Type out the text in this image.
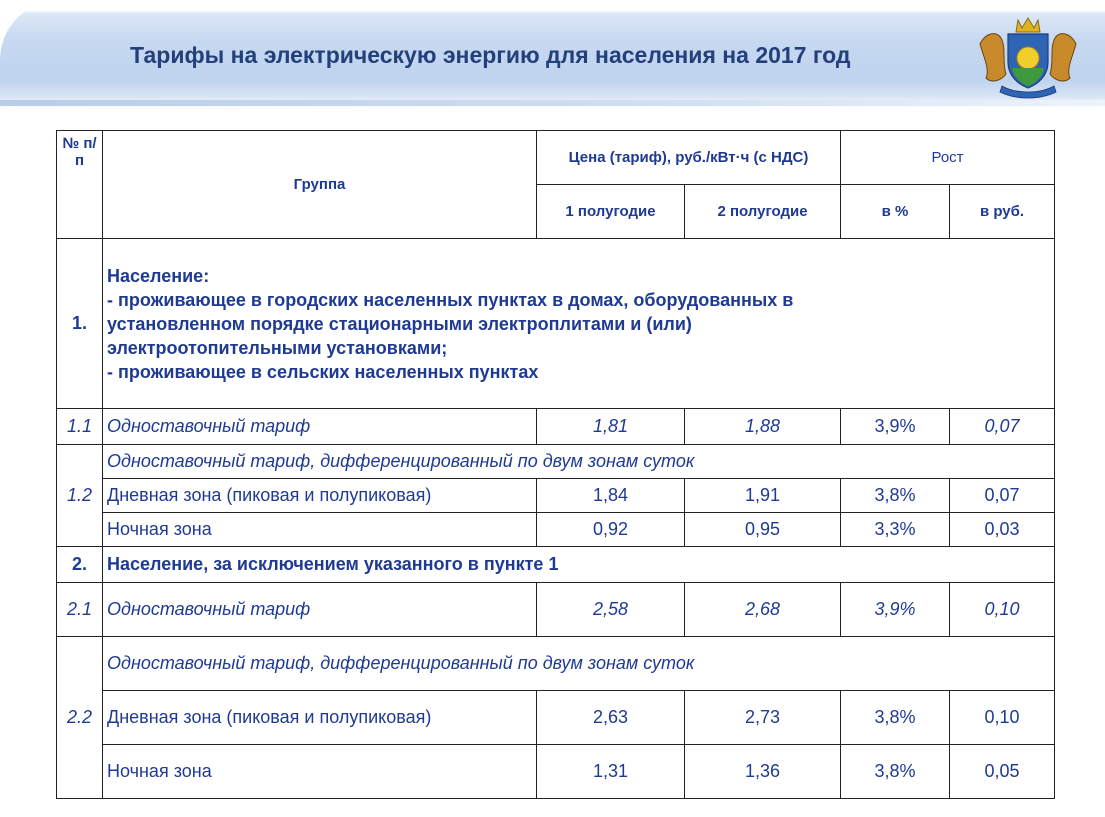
Тарифы на электрическую энергию для населения на 2017 год
№ п/п	Группа	Цена (тариф), руб./кВт·ч (с НДС)		Рост	
		1 полугодие	2 полугодие	в %	в руб.
1.	Население:
- проживающее в городских населенных пунктах в домах, оборудованных в
установленном порядке стационарными электроплитами и (или)
электроотопительными установками;
- проживающее в сельских населенных пунктах				

1.1	Одноставочный тариф	1,81	1,88	3,9%	0,07
1.2	Одноставочный тариф, дифференцированный по двум зонам суток				
	Дневная зона (пиковая и полупиковая)	1,84	1,91	3,8%	0,07
	Ночная зона	0,92	0,95	3,3%	0,03
2.	Население, за исключением указанного в пункте 1				
2.1	Одноставочный тариф	2,58	2,68	3,9%	0,10
2.2	Одноставочный тариф, дифференцированный по двум зонам суток				
	Дневная зона (пиковая и полупиковая)	2,63	2,73	3,8%	0,10
	Ночная зона	1,31	1,36	3,8%	0,05
